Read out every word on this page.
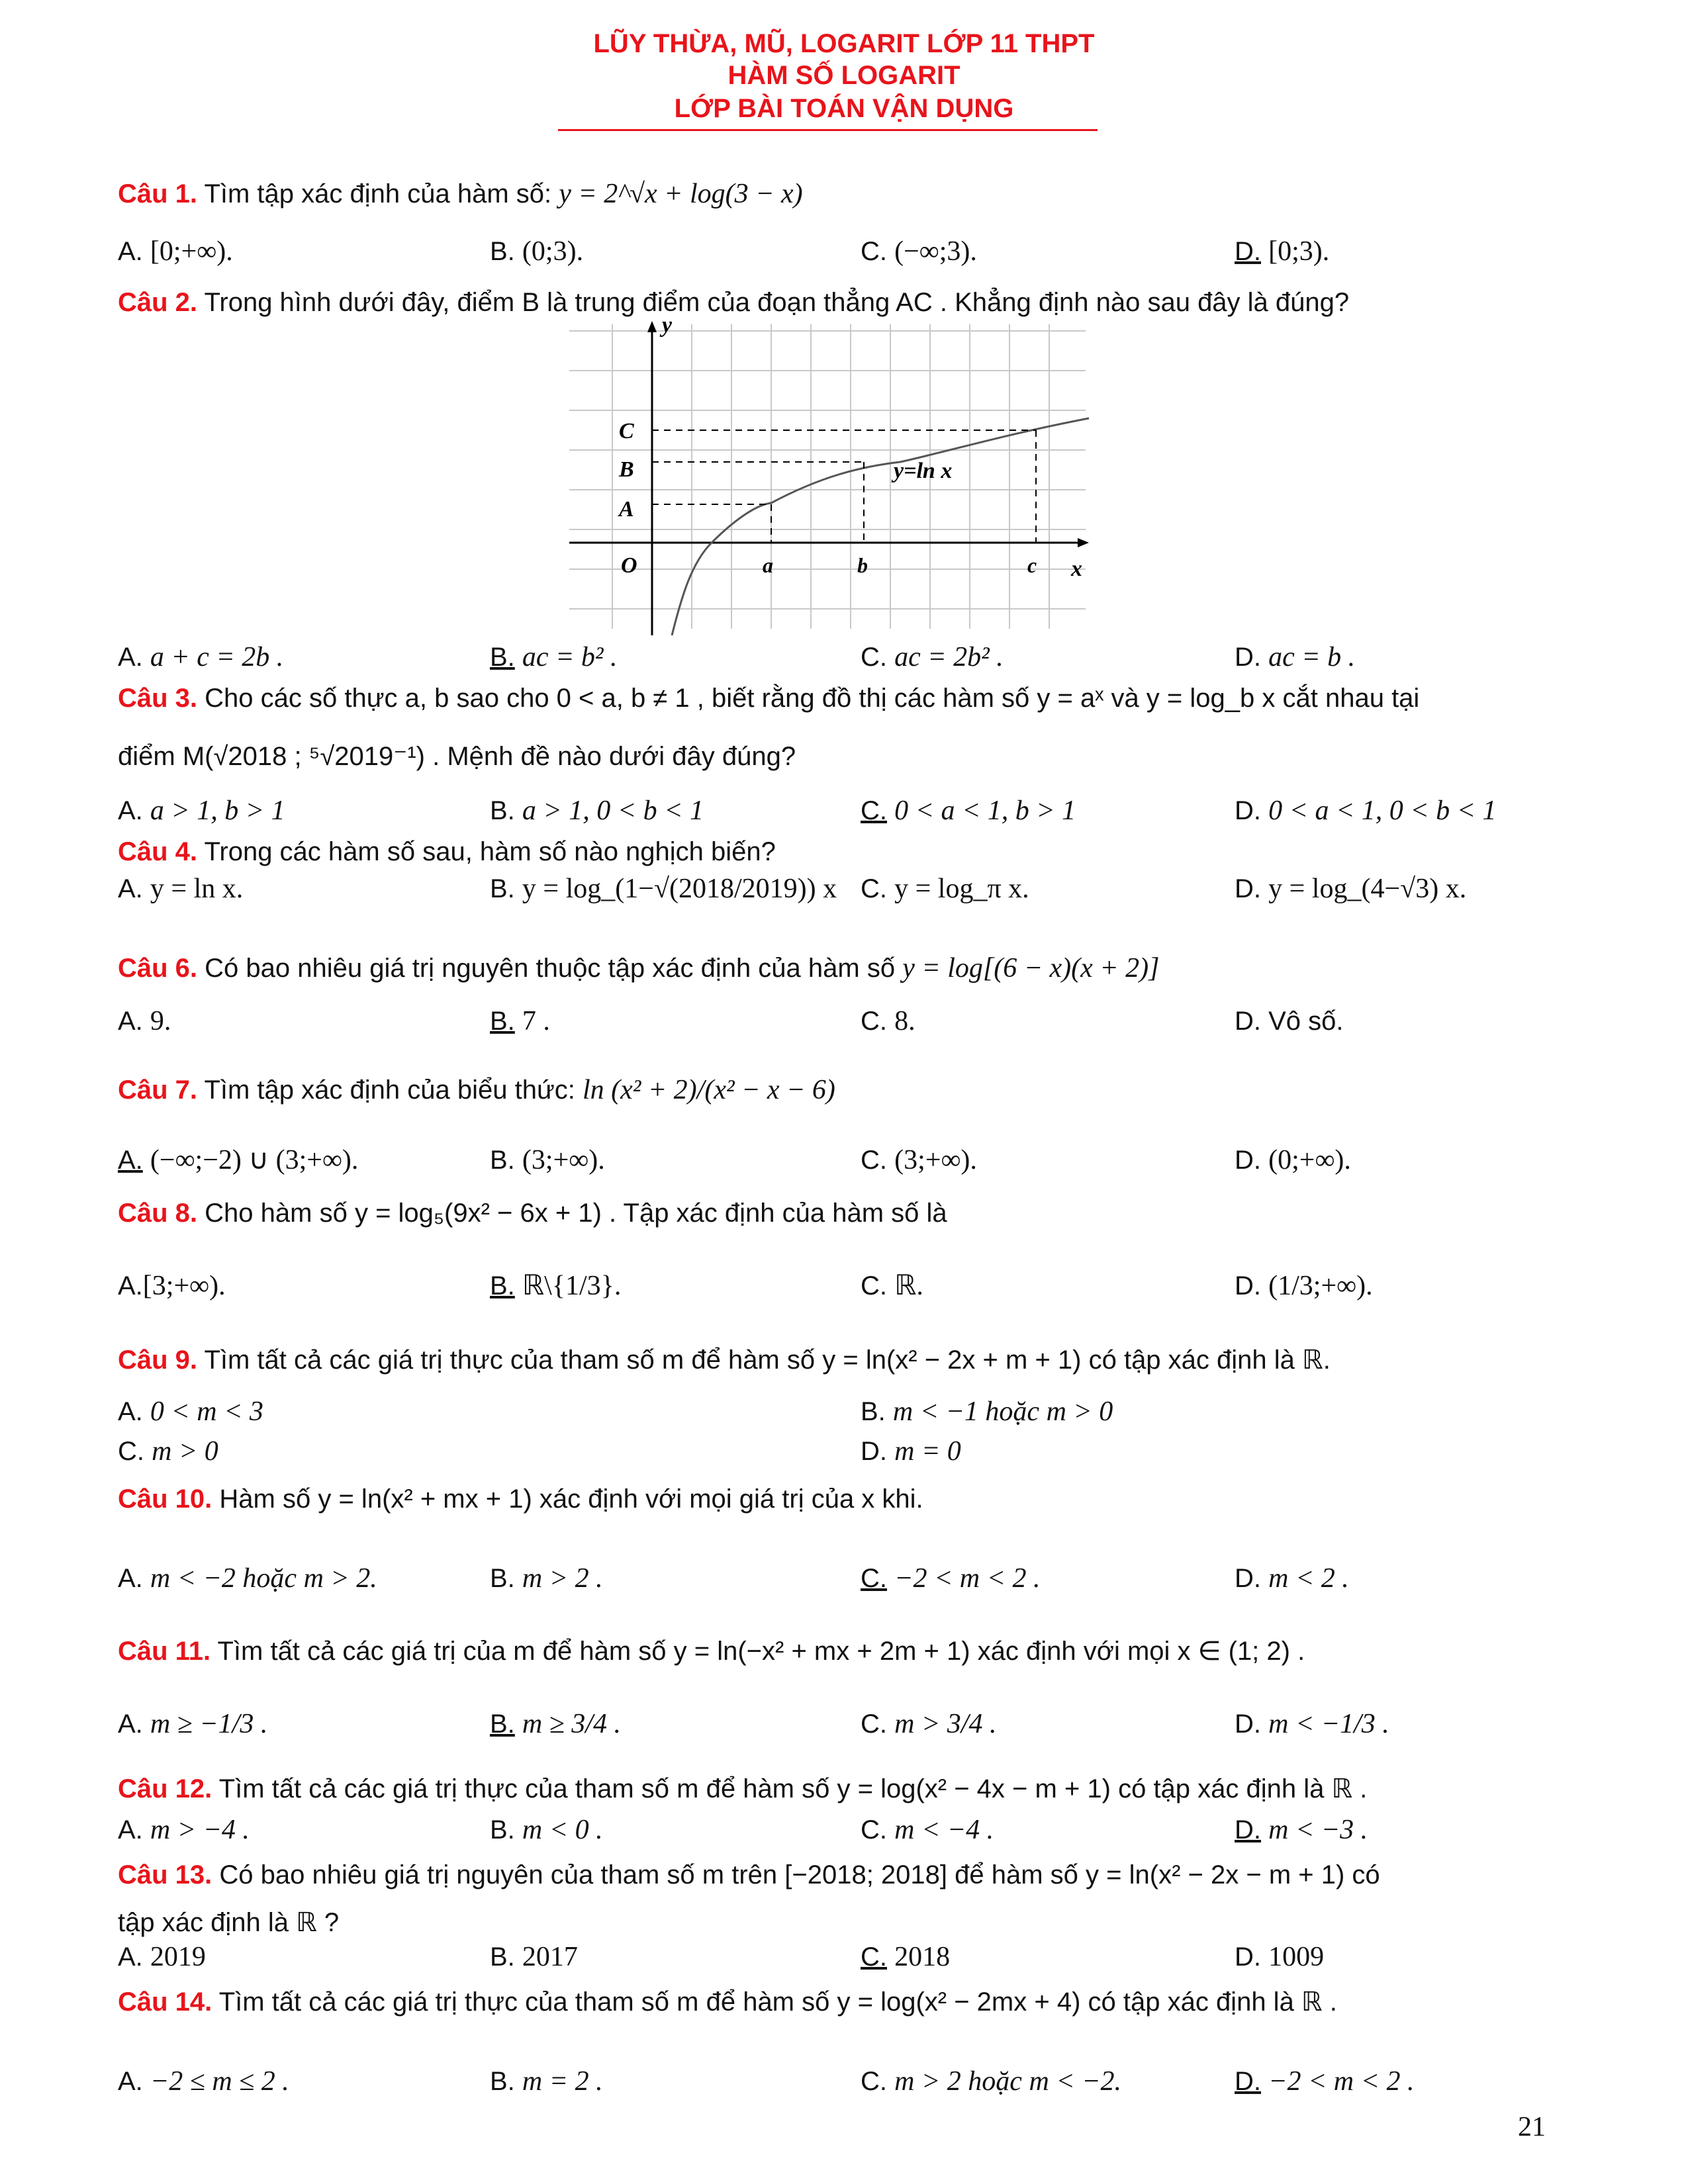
LŨY THỪA, MŨ, LOGARIT LỚP 11 THPT
HÀM SỐ LOGARIT
LỚP BÀI TOÁN VẬN DỤNG
Câu 1. Tìm tập xác định của hàm số: y = 2^√x + log(3 − x)
A. [0;+∞).	B. (0;3).	C. (−∞;3).	D. [0;3).
Câu 2. Trong hình dưới đây, điểm B là trung điểm của đoạn thẳng AC . Khẳng định nào sau đây là đúng?
y
x
O
C
B
A
a	b	c
y=ln x
A. a + c = 2b .	B. ac = b² .	C. ac = 2b² .	D. ac = b .
Câu 3. Cho các số thực a, b sao cho 0 < a, b ≠ 1 , biết rằng đồ thị các hàm số y = aˣ và y = log_b x cắt nhau tại
điểm M(√2018 ; ⁵√2019⁻¹) . Mệnh đề nào dưới đây đúng?
A. a > 1, b > 1	B. a > 1, 0 < b < 1	C. 0 < a < 1, b > 1	D. 0 < a < 1, 0 < b < 1
Câu 4. Trong các hàm số sau, hàm số nào nghịch biến?
A. y = ln x.	B. y = log_(1−√(2018/2019)) x C. y = log_π x.	D. y = log_(4−√3) x.
Câu 6. Có bao nhiêu giá trị nguyên thuộc tập xác định của hàm số y = log[(6 − x)(x + 2)]
A. 9.	B. 7 .	C. 8.	D. Vô số.
Câu 7. Tìm tập xác định của biểu thức: ln (x² + 2)/(x² − x − 6)
A. (−∞;−2) ∪ (3;+∞).	B. (3;+∞).	C. (3;+∞).	D. (0;+∞).
Câu 8. Cho hàm số y = log₅(9x² − 6x + 1) . Tập xác định của hàm số là
A.[3;+∞).	B. ℝ\{1/3}.	C. ℝ.	D. (1/3;+∞).
Câu 9. Tìm tất cả các giá trị thực của tham số m để hàm số y = ln(x² − 2x + m + 1) có tập xác định là ℝ.
A. 0 < m < 3	B. m < −1 hoặc m > 0
C. m > 0	D. m = 0
Câu 10. Hàm số y = ln(x² + mx + 1) xác định với mọi giá trị của x khi.
A. m < −2 hoặc m > 2.	B. m > 2 .	C. −2 < m < 2 .	D. m < 2 .
Câu 11. Tìm tất cả các giá trị của m để hàm số y = ln(−x² + mx + 2m + 1) xác định với mọi x ∈ (1; 2) .
A. m ≥ −1/3 .	B. m ≥ 3/4 .	C. m > 3/4 .	D. m < −1/3 .
Câu 12. Tìm tất cả các giá trị thực của tham số m để hàm số y = log(x² − 4x − m + 1) có tập xác định là ℝ .
A. m > −4 .	B. m < 0 .	C. m < −4 .	D. m < −3 .
Câu 13. Có bao nhiêu giá trị nguyên của tham số m trên [−2018; 2018] để hàm số y = ln(x² − 2x − m + 1) có
tập xác định là ℝ ?
A. 2019	B. 2017	C. 2018	D. 1009
Câu 14. Tìm tất cả các giá trị thực của tham số m để hàm số y = log(x² − 2mx + 4) có tập xác định là ℝ .
A. −2 ≤ m ≤ 2 .	B. m = 2 .	C. m > 2 hoặc m < −2.	D. −2 < m < 2 .
21
